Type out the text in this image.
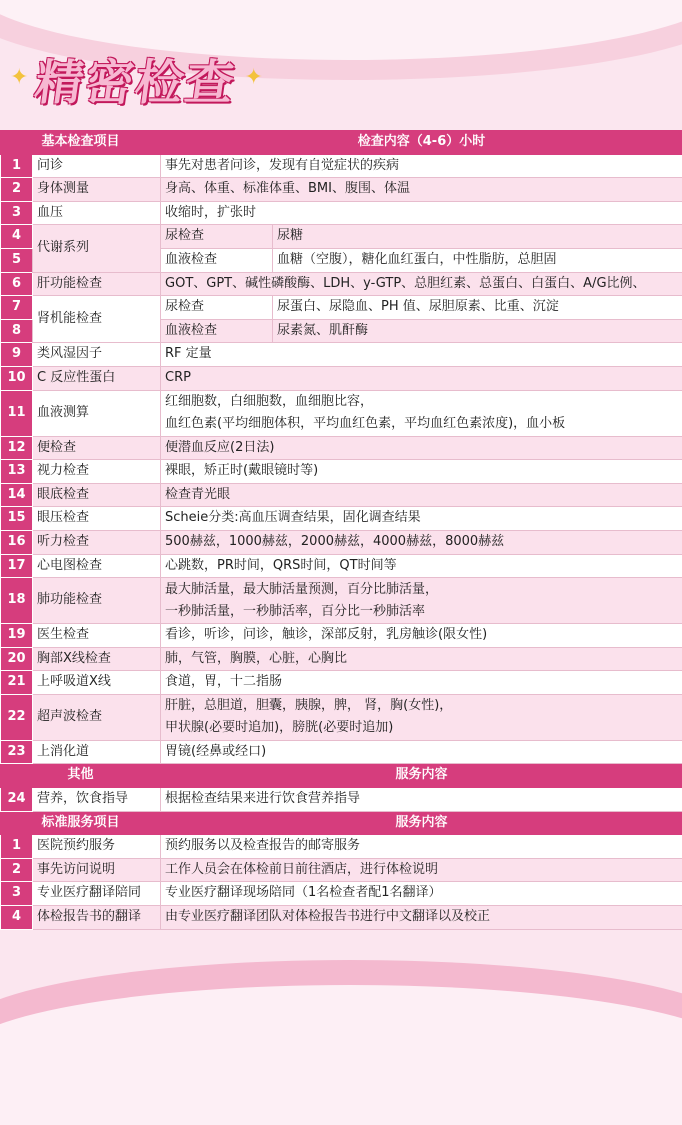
✦ 精密检查 ✦
基本检查项目		检查内容（4-6）小时	
1	问诊	事先对患者问诊，发现有自觉症状的疾病	
2	身体测量	身高、体重、标准体重、BMI、腹围、体温	
3	血压	收缩时，扩张时	
4	代谢系列	尿检查	尿糖
5		血液检查	血糖（空腹），糖化血红蛋白，中性脂肪，总胆固
6	肝功能检查	GOT、GPT、碱性磷酸酶、LDH、y-GTP、总胆红素、总蛋白、白蛋白、A/G比例、	
7	肾机能检查	尿检查	尿蛋白、尿隐血、PH 值、尿胆原素、比重、沉淀
8		血液检查	尿素氮、肌酐酶
9	类风湿因子	RF 定量	
10	C 反应性蛋白	CRP	
11	血液测算	红细胞数，白细胞数，血细胞比容，
血红色素(平均细胞体积，平均血红色素，平均血红色素浓度)，血小板	

12	便检查	便潜血反应(2日法)	
13	视力检查	裸眼，矫正时(戴眼镜时等)	
14	眼底检查	检查青光眼	
15	眼压检查	Scheie分类:高血压调查结果，固化调查结果	
16	听力检查	500赫兹，1000赫兹，2000赫兹，4000赫兹，8000赫兹	
17	心电图检查	心跳数，PR时间，QRS时间，QT时间等	
18	肺功能检查	最大肺活量，最大肺活量预测，百分比肺活量，
一秒肺活量，一秒肺活率，百分比一秒肺活率	

19	医生检查	看诊，听诊，问诊，触诊，深部反射，乳房触诊(限女性)	
20	胸部X线检查	肺，气管，胸膜，心脏，心胸比	
21	上呼吸道X线	食道，胃，十二指肠	
22	超声波检查	肝脏，总胆道，胆囊，胰腺，脾， 肾，胸(女性)，
甲状腺(必要时追加)，膀胱(必要时追加)	

23	上消化道	胃镜(经鼻或经口)	
其他		服务内容	
24	营养，饮食指导	根据检查结果来进行饮食营养指导	
标准服务项目		服务内容	
1	医院预约服务	预约服务以及检查报告的邮寄服务	
2	事先访问说明	工作人员会在体检前日前往酒店，进行体检说明	
3	专业医疗翻译陪同	专业医疗翻译现场陪同（1名检查者配1名翻译）	
4	体检报告书的翻译	由专业医疗翻译团队对体检报告书进行中文翻译以及校正	
